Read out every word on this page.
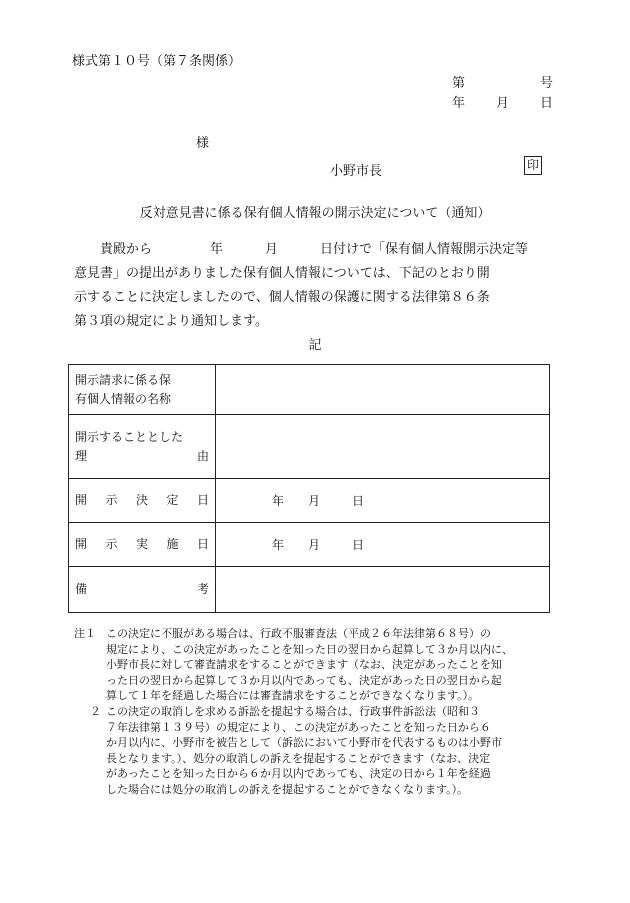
様式第１０号（第７条関係）
第	号
年 月 日
様
小野市長	印
反対意見書に係る保有個人情報の開示決定について（通知）
貴殿から	年	月	日付けで「保有個人情報開示決定等
意見書」の提出がありました保有個人情報については、下記のとおり開
示することに決定しましたので、個人情報の保護に関する法律第８６条
第３項の規定により通知します。
記
開示請求に係る保
有個人情報の名称	

開示することとした
理 由	

開 示 決 定 日	年 月 日

開 示 実 施 日	年 月 日

備 考	

注１ この決定に不服がある場合は、行政不服審査法（平成２６年法律第６８号）の
規定により、この決定があったことを知った日の翌日から起算して３か月以内に、
小野市長に対して審査請求をすることができます（なお、決定があったことを知
った日の翌日から起算して３か月以内であっても、決定があった日の翌日から起
算して１年を経過した場合には審査請求をすることができなくなります。）。
２ この決定の取消しを求める訴訟を提起する場合は、行政事件訴訟法（昭和３
７年法律第１３９号）の規定により、この決定があったことを知った日から６
か月以内に、小野市を被告として（訴訟において小野市を代表するものは小野市
長となります。）、処分の取消しの訴えを提起することができます（なお、決定
があったことを知った日から６か月以内であっても、決定の日から１年を経過
した場合には処分の取消しの訴えを提起することができなくなります。）。
